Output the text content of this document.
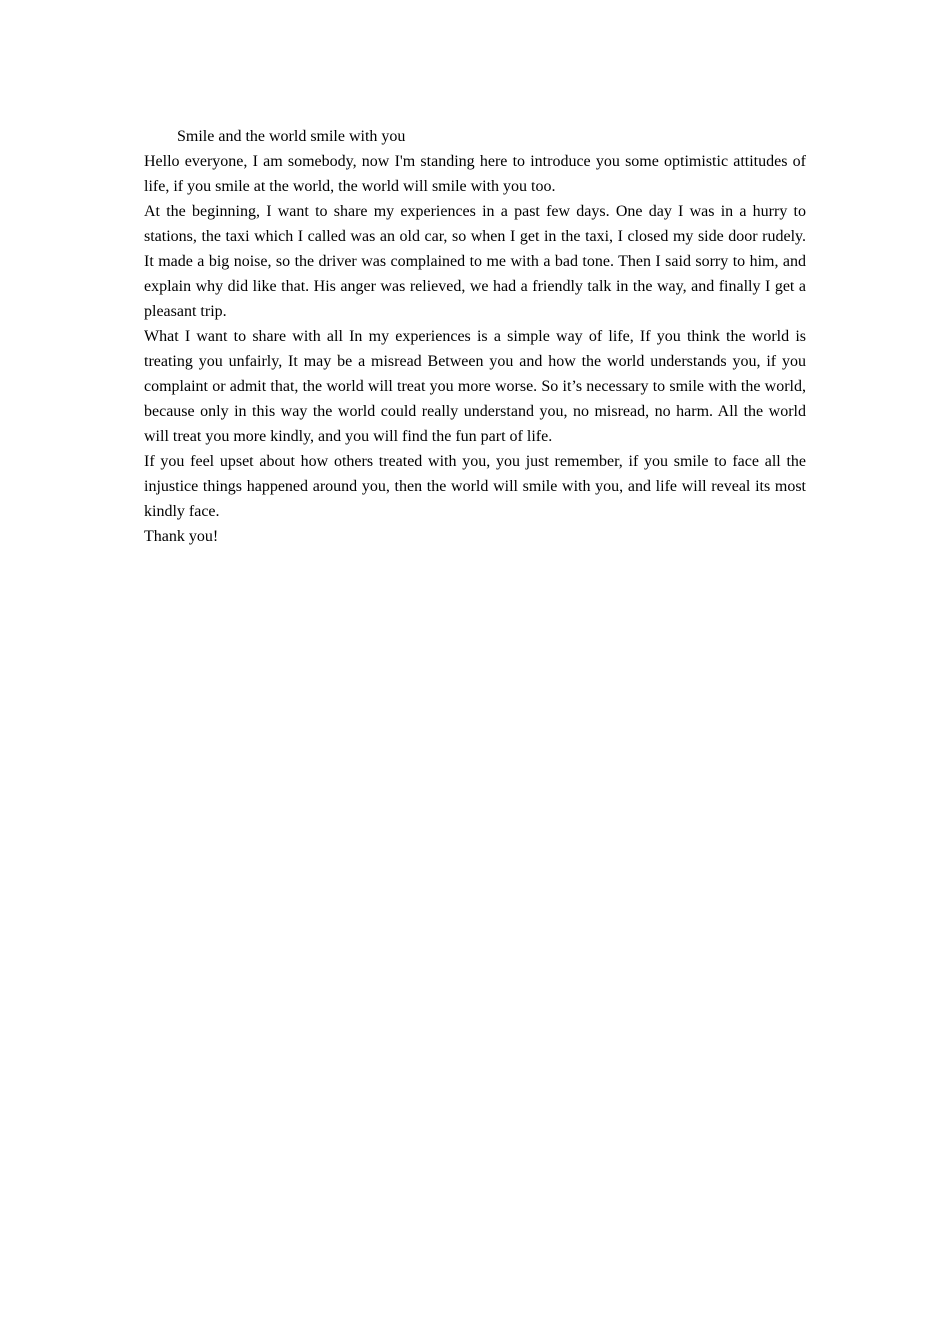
Smile and the world smile with you

Hello everyone, I am somebody, now I'm standing here to introduce you some optimistic attitudes of life, if you smile at the world, the world will smile with you too.

At the beginning, I want to share my experiences in a past few days. One day I was in a hurry to stations, the taxi which I called was an old car, so when I get in the taxi, I closed my side door rudely. It made a big noise, so the driver was complained to me with a bad tone. Then I said sorry to him, and explain why did like that. His anger was relieved, we had a friendly talk in the way, and finally I get a pleasant trip.

What I want to share with all In my experiences is a simple way of life, If you think the world is treating you unfairly, It may be a misread Between you and how the world understands you, if you complaint or admit that, the world will treat you more worse. So it’s necessary to smile with the world, because only in this way the world could really understand you, no misread, no harm. All the world will treat you more kindly, and you will find the fun part of life.

If you feel upset about how others treated with you, you just remember, if you smile to face all the injustice things happened around you, then the world will smile with you, and life will reveal its most kindly face.

Thank you!
